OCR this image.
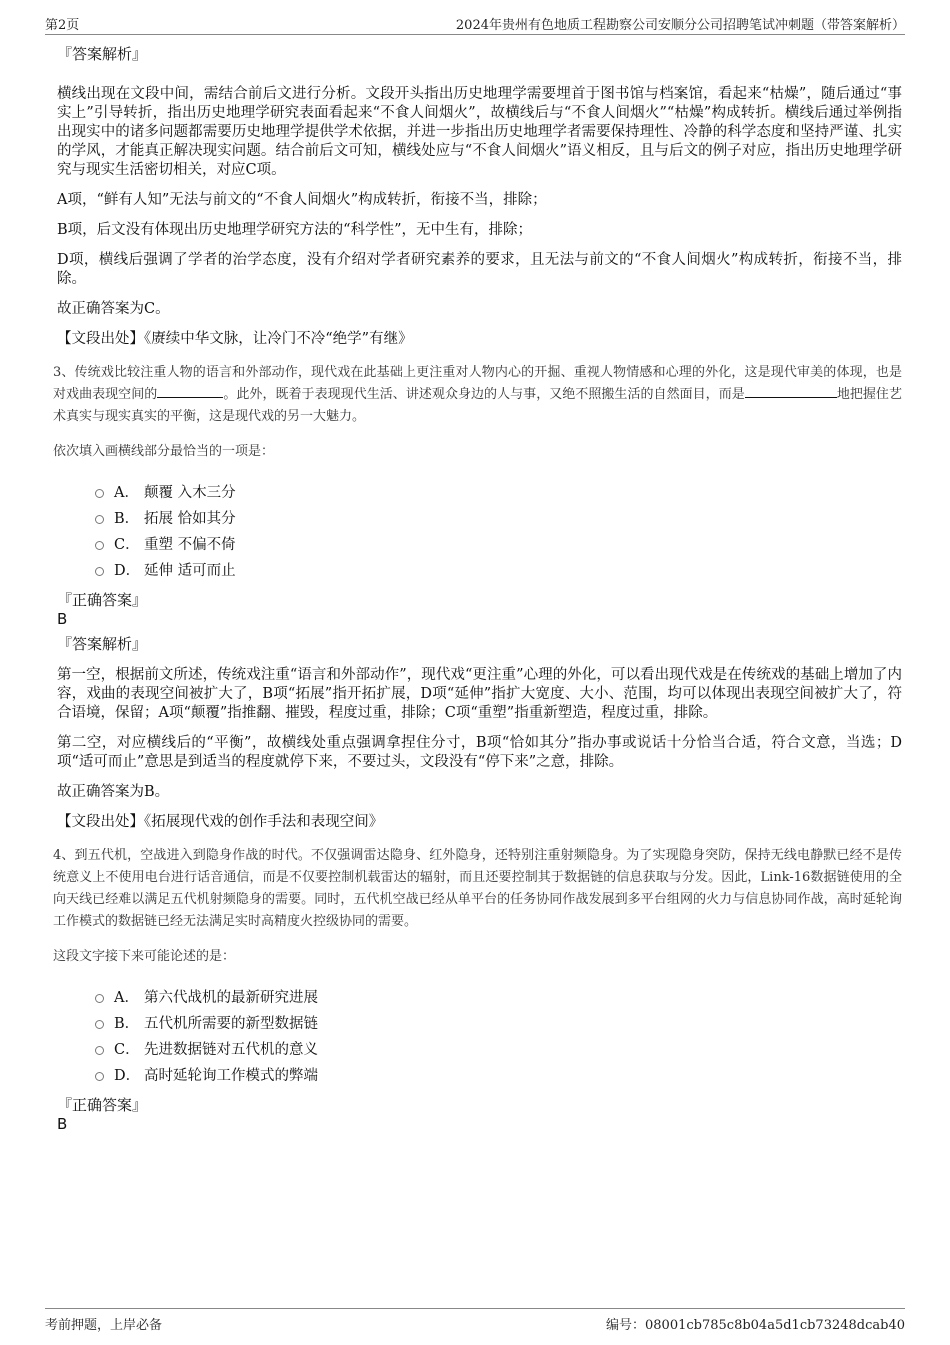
第2页	2024年贵州有色地质工程勘察公司安顺分公司招聘笔试冲刺题（带答案解析）

『答案解析』

横线出现在文段中间，需结合前后文进行分析。文段开头指出历史地理学需要埋首于图书馆与档案馆，看起来“枯燥”，随后通过“事实上”引导转折，指出历史地理学研究表面看起来“不食人间烟火”，故横线后与“不食人间烟火”“枯燥”构成转折。横线后通过举例指出现实中的诸多问题都需要历史地理学提供学术依据，并进一步指出历史地理学者需要保持理性、冷静的科学态度和坚持严谨、扎实的学风，才能真正解决现实问题。结合前后文可知，横线处应与“不食人间烟火”语义相反，且与后文的例子对应，指出历史地理学研究与现实生活密切相关，对应C项。

A项，“鲜有人知”无法与前文的“不食人间烟火”构成转折，衔接不当，排除；

B项，后文没有体现出历史地理学研究方法的“科学性”，无中生有，排除；

D项，横线后强调了学者的治学态度，没有介绍对学者研究素养的要求，且无法与前文的“不食人间烟火”构成转折，衔接不当，排除。

故正确答案为C。

【文段出处】《赓续中华文脉，让冷门不冷“绝学”有继》

3、传统戏比较注重人物的语言和外部动作，现代戏在此基础上更注重对人物内心的开掘、重视人物情感和心理的外化，这是现代审美的体现，也是对戏曲表现空间的	。此外，既着于表现现代生活、讲述观众身边的人与事，又绝不照搬生活的自然面目，而是	地把握住艺术真实与现实真实的平衡，这是现代戏的另一大魅力。

依次填入画横线部分最恰当的一项是：

A． 颠覆 入木三分
B． 拓展 恰如其分
C． 重塑 不偏不倚
D． 延伸 适可而止

『正确答案』

B

『答案解析』

第一空，根据前文所述，传统戏注重“语言和外部动作”，现代戏“更注重”心理的外化，可以看出现代戏是在传统戏的基础上增加了内容，戏曲的表现空间被扩大了，B项“拓展”指开拓扩展，D项“延伸”指扩大宽度、大小、范围，均可以体现出表现空间被扩大了，符合语境，保留；A项“颠覆”指推翻、摧毁，程度过重，排除；C项“重塑”指重新塑造，程度过重，排除。

第二空，对应横线后的“平衡”，故横线处重点强调拿捏住分寸，B项“恰如其分”指办事或说话十分恰当合适，符合文意，当选；D项“适可而止”意思是到适当的程度就停下来，不要过头，文段没有“停下来”之意，排除。

故正确答案为B。

【文段出处】《拓展现代戏的创作手法和表现空间》

4、到五代机，空战进入到隐身作战的时代。不仅强调雷达隐身、红外隐身，还特别注重射频隐身。为了实现隐身突防，保持无线电静默已经不是传统意义上不使用电台进行话音通信，而是不仅要控制机载雷达的辐射，而且还要控制其于数据链的信息获取与分发。因此，Link-16数据链使用的全向天线已经难以满足五代机射频隐身的需要。同时，五代机空战已经从单平台的任务协同作战发展到多平台组网的火力与信息协同作战，高时延轮询工作模式的数据链已经无法满足实时高精度火控级协同的需要。

这段文字接下来可能论述的是：

A． 第六代战机的最新研究进展
B． 五代机所需要的新型数据链
C． 先进数据链对五代机的意义
D． 高时延轮询工作模式的弊端

『正确答案』

B

考前押题，上岸必备	编号：08001cb785c8b04a5d1cb73248dcab40
